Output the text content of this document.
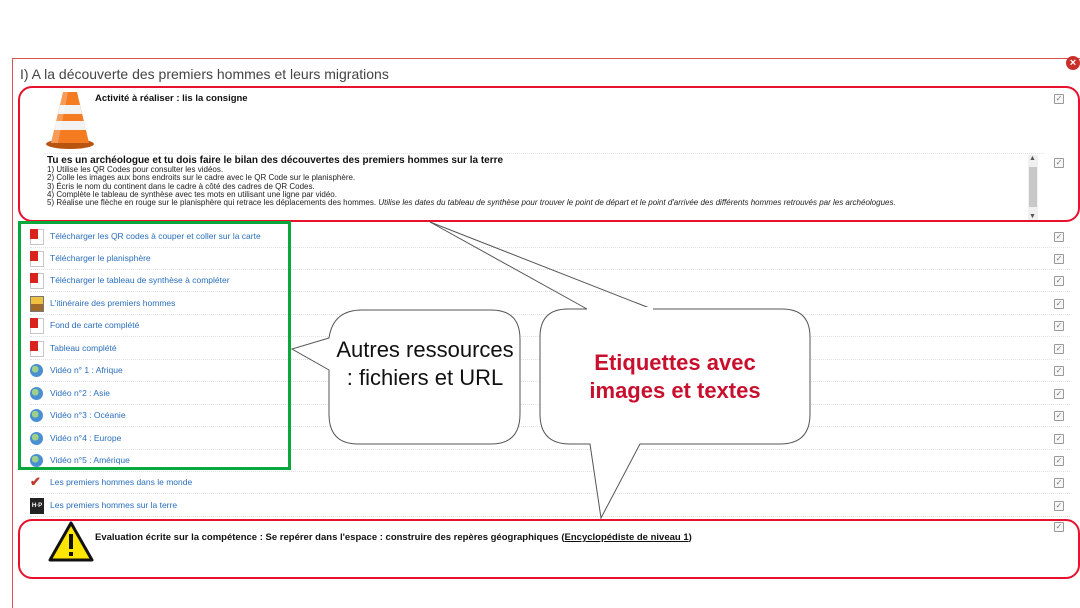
×
I) A la découverte des premiers hommes et leurs migrations
Activité à réaliser : lis la consigne	✓
Tu es un archéologue et tu dois faire le bilan des découvertes des premiers hommes sur la terre
1) Utilise les QR Codes pour consulter les vidéos.
2) Colle les images aux bons endroits sur le cadre avec le QR Code sur le planisphère.
3) Écris le nom du continent dans le cadre à côté des cadres de QR Codes.
4) Complète le tableau de synthèse avec tes mots en utilisant une ligne par vidéo.
5) Réalise une flèche en rouge sur le planisphère qui retrace les déplacements des hommes. Utilise les dates du tableau de synthèse pour trouver le point de départ et le point d'arrivée des différents hommes retrouvés par les archéologues.
▲
▼
✓
Télécharger les QR codes à couper et coller sur la carte	✓
Télécharger le planisphère	✓
Télécharger le tableau de synthèse à compléter	✓
L'itinéraire des premiers hommes	✓
Fond de carte complété	✓
Tableau complété	✓
Vidéo n° 1 : Afrique	✓
Vidéo n°2 : Asie	✓
Vidéo n°3 : Océanie	✓
Vidéo n°4 : Europe	✓
Vidéo n°5 : Amérique	✓
✔	Les premiers hommes dans le monde	✓
H·P Les premiers hommes sur la terre	✓
Evaluation écrite sur la compétence : Se repérer dans l'espace : construire des repères géographiques (Encyclopédiste de niveau 1)
✓
Autres ressources : fichiers et URL
Etiquettes avec images et textes
